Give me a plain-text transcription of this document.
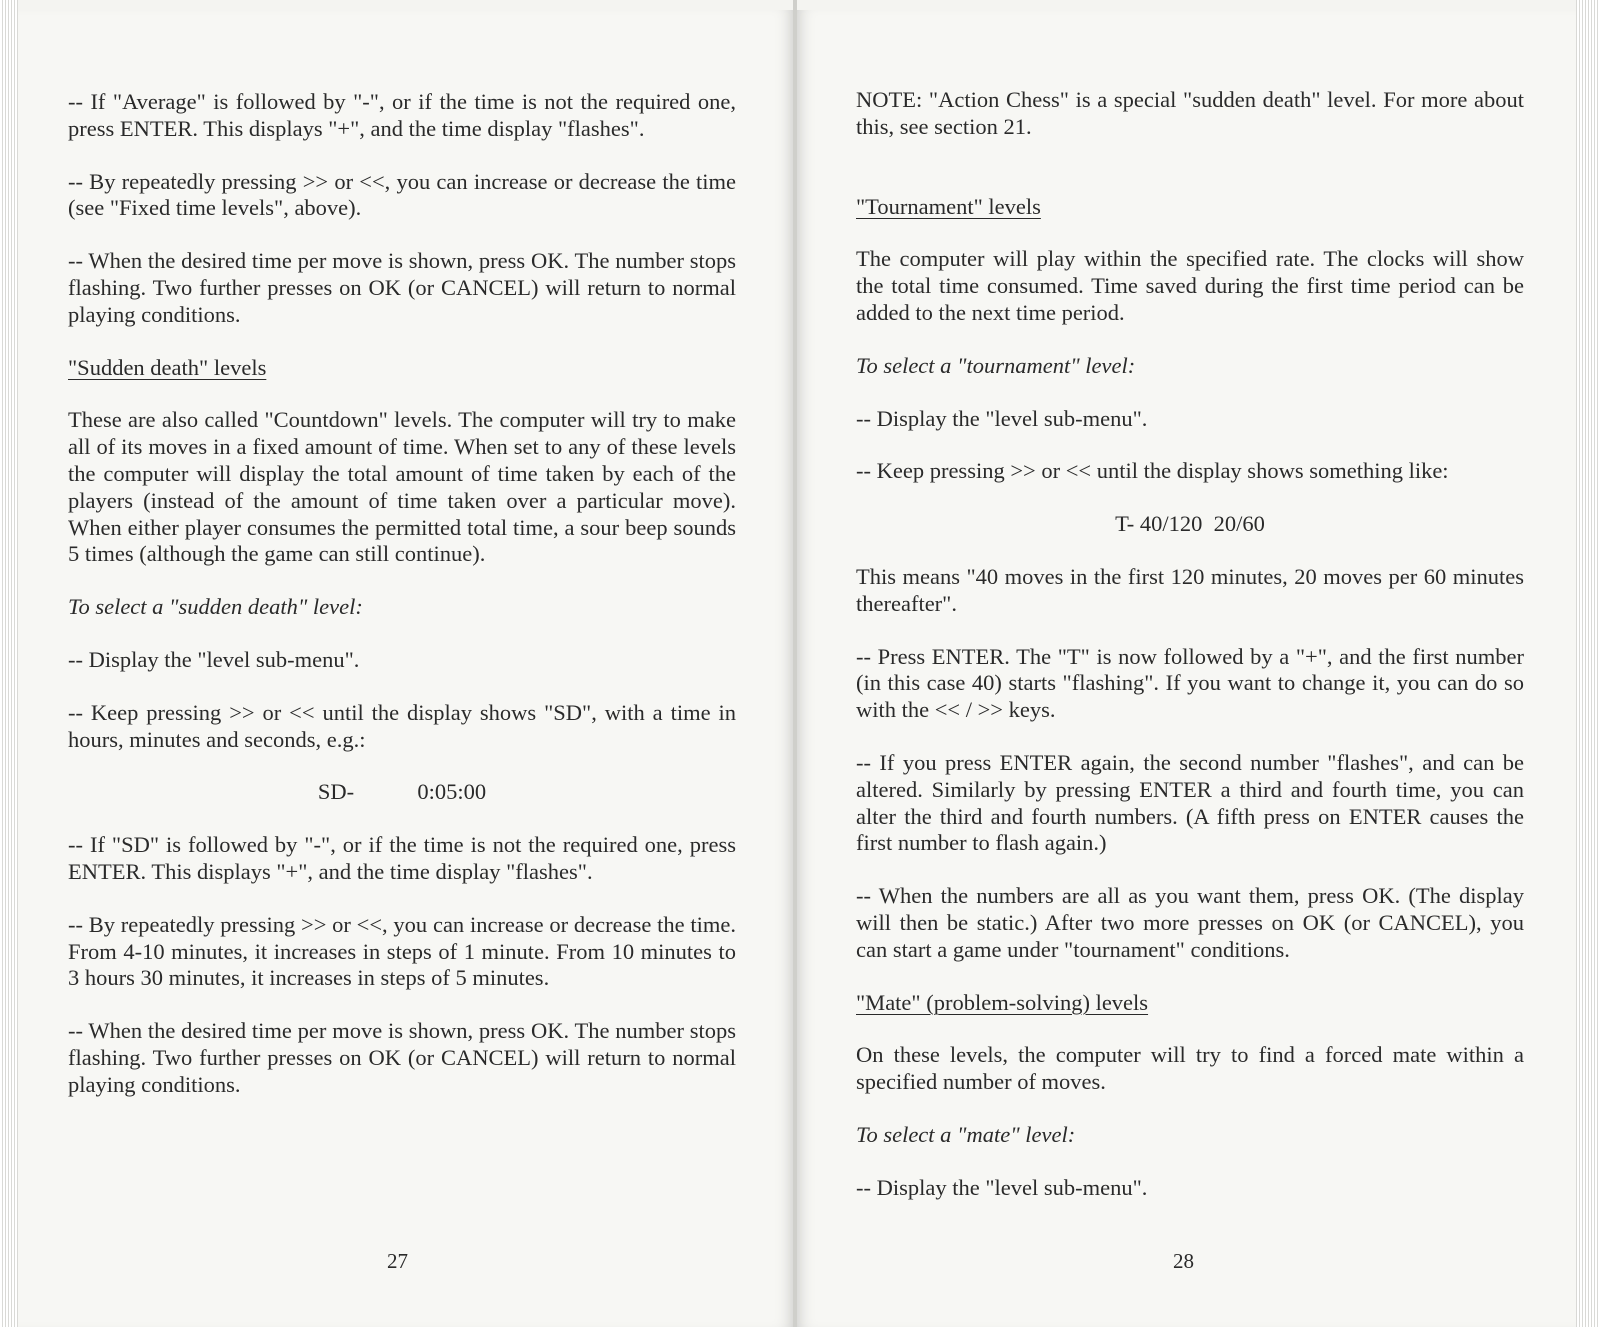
-- If "Average" is followed by "-", or if the time is not the required one, press ENTER. This displays "+", and the time display "flashes".

-- By repeatedly pressing >> or <<, you can increase or decrease the time (see "Fixed time levels", above).

-- When the desired time per move is shown, press OK. The number stops flashing. Two further presses on OK (or CANCEL) will return to normal playing conditions.

"Sudden death" levels

These are also called "Countdown" levels. The computer will try to make all of its moves in a fixed amount of time. When set to any of these levels the computer will display the total amount of time taken by each of the players (instead of the amount of time taken over a particular move). When either player consumes the permitted total time, a sour beep sounds 5 times (although the game can still continue).

To select a "sudden death" level:

-- Display the "level sub-menu".

-- Keep pressing >> or << until the display shows "SD", with a time in hours, minutes and seconds, e.g.:

SD-	0:05:00

-- If "SD" is followed by "-", or if the time is not the required one, press ENTER. This displays "+", and the time display "flashes".

-- By repeatedly pressing >> or <<, you can increase or decrease the time. From 4-10 minutes, it increases in steps of 1 minute. From 10 minutes to 3 hours 30 minutes, it increases in steps of 5 minutes.

-- When the desired time per move is shown, press OK. The number stops flashing. Two further presses on OK (or CANCEL) will return to normal playing conditions.

27

NOTE: "Action Chess" is a special "sudden death" level. For more about this, see section 21.

"Tournament" levels

The computer will play within the specified rate. The clocks will show the total time consumed. Time saved during the first time period can be added to the next time period.

To select a "tournament" level:

-- Display the "level sub-menu".

-- Keep pressing >> or << until the display shows something like:

T- 40/120  20/60

This means "40 moves in the first 120 minutes, 20 moves per 60 minutes thereafter".

-- Press ENTER. The "T" is now followed by a "+", and the first number (in this case 40) starts "flashing". If you want to change it, you can do so with the << / >> keys.

-- If you press ENTER again, the second number "flashes", and can be altered. Similarly by pressing ENTER a third and fourth time, you can alter the third and fourth numbers. (A fifth press on ENTER causes the first number to flash again.)

-- When the numbers are all as you want them, press OK. (The display will then be static.) After two more presses on OK (or CANCEL), you can start a game under "tournament" conditions.

"Mate" (problem-solving) levels

On these levels, the computer will try to find a forced mate within a specified number of moves.

To select a "mate" level:

-- Display the "level sub-menu".

28
